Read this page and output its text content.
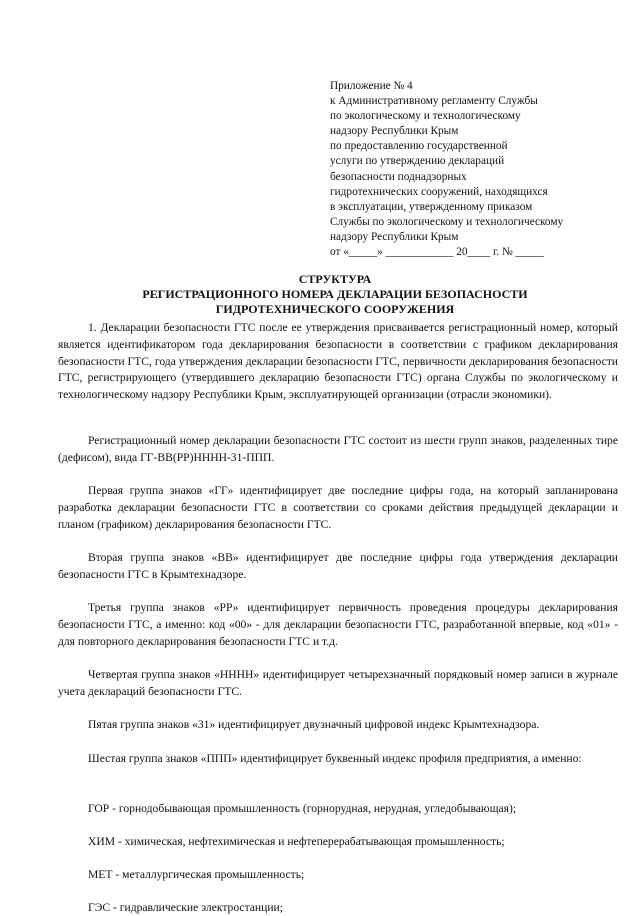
Приложение № 4
к Административному регламенту Службы
по экологическому и технологическому
надзору Республики Крым
по предоставлению государственной
услуги по утверждению деклараций
безопасности поднадзорных
гидротехнических сооружений, находящихся
в эксплуатации, утвержденному приказом
Службы по экологическому и технологическому
надзору Республики Крым
от «_____» ____________ 20____ г. № _____
СТРУКТУРА
РЕГИСТРАЦИОННОГО НОМЕРА ДЕКЛАРАЦИИ БЕЗОПАСНОСТИ
ГИДРОТЕХНИЧЕСКОГО СООРУЖЕНИЯ
1. Декларации безопасности ГТС после ее утверждения присваивается регистрационный номер, который является идентификатором года декларирования безопасности в соответствии с графиком декларирования безопасности ГТС, года утверждения декларации безопасности ГТС, первичности декларирования безопасности ГТС, регистрирующего (утвердившего декларацию безопасности ГТС) органа Службы по экологическому и технологическому надзору Республики Крым, эксплуатирующей организации (отрасли экономики).
Регистрационный номер декларации безопасности ГТС состоит из шести групп знаков, разделенных тире (дефисом), вида ГГ-ВВ(РР)НННН-31-ППП.
Первая группа знаков «ГГ» идентифицирует две последние цифры года, на который запланирована разработка декларации безопасности ГТС в соответствии со сроками действия предыдущей декларации и планом (графиком) декларирования безопасности ГТС.
Вторая группа знаков «ВВ» идентифицирует две последние цифры года утверждения декларации безопасности ГТС в Крымтехнадзоре.
Третья группа знаков «РР» идентифицирует первичность проведения процедуры декларирования безопасности ГТС, а именно: код «00» - для декларации безопасности ГТС, разработанной впервые, код «01» - для повторного декларирования безопасности ГТС и т.д.
Четвертая группа знаков «НННН» идентифицирует четырехзначный порядковый номер записи в журнале учета деклараций безопасности ГТС.
Пятая группа знаков «31» идентифицирует двузначный цифровой индекс Крымтехнадзора.
Шестая группа знаков «ППП» идентифицирует буквенный индекс профиля предприятия, а именно:
ГОР - горнодобывающая промышленность (горнорудная, нерудная, угледобывающая);
ХИМ - химическая, нефтехимическая и нефтеперерабатывающая промышленность;
МЕТ - металлургическая промышленность;
ГЭС - гидравлические электростанции;
